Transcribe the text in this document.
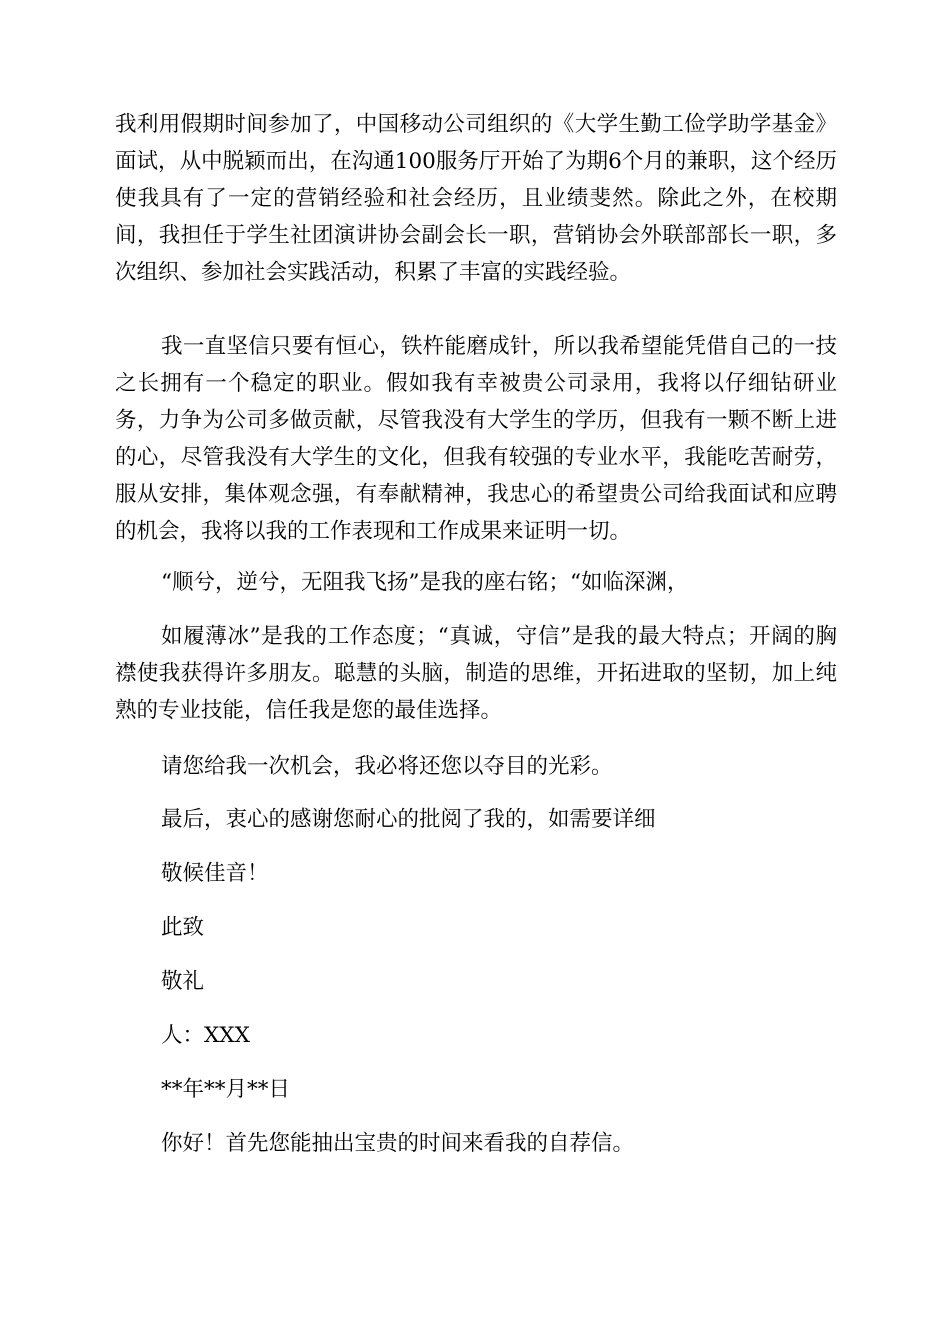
我利用假期时间参加了，中国移动公司组织的《大学生勤工俭学助学基金》面试，从中脱颖而出，在沟通100服务厅开始了为期6个月的兼职，这个经历使我具有了一定的营销经验和社会经历，且业绩斐然。除此之外，在校期间，我担任于学生社团演讲协会副会长一职，营销协会外联部部长一职，多次组织、参加社会实践活动，积累了丰富的实践经验。

我一直坚信只要有恒心，铁杵能磨成针，所以我希望能凭借自己的一技之长拥有一个稳定的职业。假如我有幸被贵公司录用，我将以仔细钻研业务，力争为公司多做贡献，尽管我没有大学生的学历，但我有一颗不断上进的心，尽管我没有大学生的文化，但我有较强的专业水平，我能吃苦耐劳，服从安排，集体观念强，有奉献精神，我忠心的希望贵公司给我面试和应聘的机会，我将以我的工作表现和工作成果来证明一切。

“顺兮，逆兮，无阻我飞扬”是我的座右铭；“如临深渊，

如履薄冰”是我的工作态度；“真诚，守信”是我的最大特点；开阔的胸襟使我获得许多朋友。聪慧的头脑，制造的思维，开拓进取的坚韧，加上纯熟的专业技能，信任我是您的最佳选择。

请您给我一次机会，我必将还您以夺目的光彩。
最后，衷心的感谢您耐心的批阅了我的，如需要详细
敬候佳音！
此致
敬礼
人：XXX
**年**月**日
你好！首先您能抽出宝贵的时间来看我的自荐信。
